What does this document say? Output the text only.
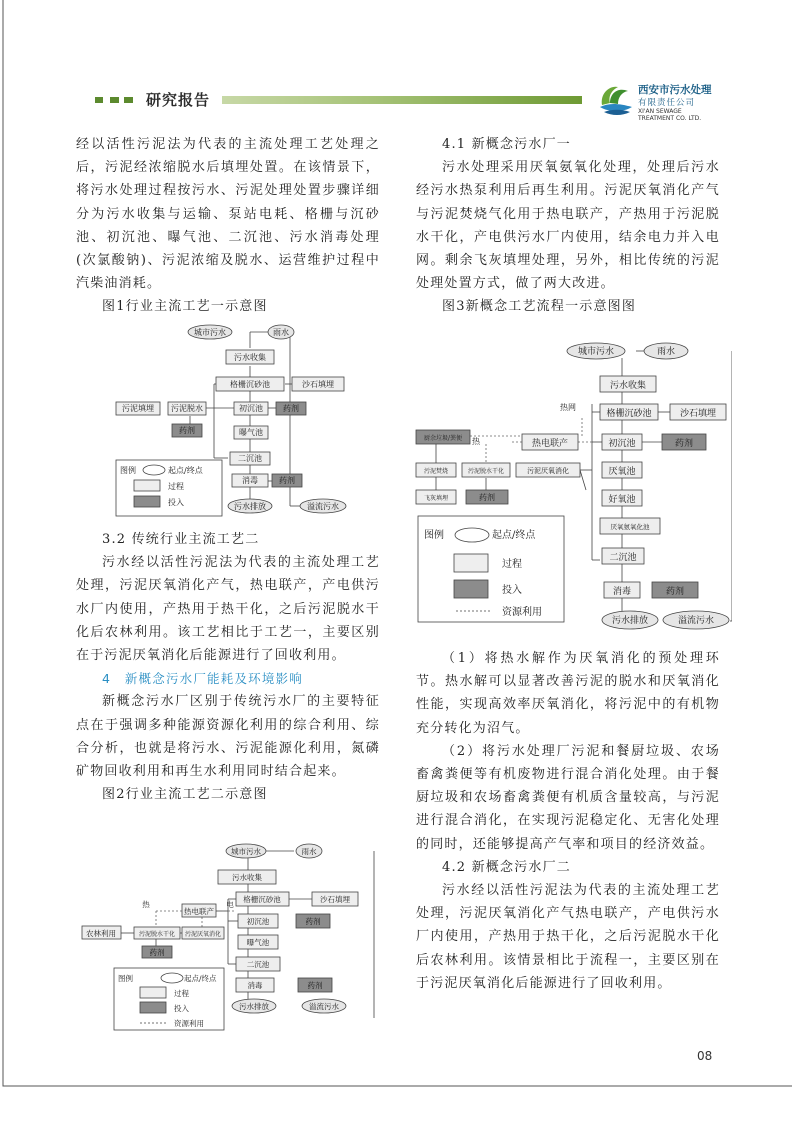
研究报告
西安市污水处理
有限责任公司
XI'AN SEWAGE
TREATMENT CO. LTD.

经以活性污泥法为代表的主流处理工艺处理之后，污泥经浓缩脱水后填埋处置。在该情景下，将污水处理过程按污水、污泥处理处置步骤详细分为污水收集与运输、泵站电耗、格栅与沉砂池、初沉池、曝气池、二沉池、污水消毒处理(次氯酸钠)、污泥浓缩及脱水、运营维护过程中汽柴油消耗。

图1行业主流工艺一示意图

城市污水	雨水
污水收集
格栅沉砂池	沙石填埋
初沉池	药剂
曝气池
二沉池
消毒	药剂
污水排放	溢流污水
污泥填埋 污泥脱水
药剂
图例	起点/终点
过程
投入

3.2 传统行业主流工艺二

污水经以活性污泥法为代表的主流处理工艺处理，污泥厌氧消化产气，热电联产，产电供污水厂内使用，产热用于热干化，之后污泥脱水干化后农林利用。该工艺相比于工艺一，主要区别在于污泥厌氧消化后能源进行了回收利用。

4　新概念污水厂能耗及环境影响

新概念污水厂区别于传统污水厂的主要特征点在于强调多种能源资源化利用的综合利用、综合分析，也就是将污水、污泥能源化利用，氮磷矿物回收利用和再生水利用同时结合起来。

图2行业主流工艺二示意图

城市污水	雨水
污水收集
格栅沉砂池	沙石填埋
初沉池	药剂
曝气池
二沉池
消毒	药剂
污水排放	溢流污水
热电联产
热	电
农林利用	污泥脱水干化 污泥厌氧消化
药剂
图例	起点/终点
过程
投入
资源利用

4.1 新概念污水厂一

污水处理采用厌氧氨氧化处理，处理后污水经污水热泵利用后再生利用。污泥厌氧消化产气与污泥焚烧气化用于热电联产，产热用于污泥脱水干化，产电供污水厂内使用，结余电力并入电网。剩余飞灰填埋处理，另外，相比传统的污泥处理处置方式，做了两大改进。

图3新概念工艺流程一示意图图

城市污水	雨水
污水收集
格栅沉砂池	沙石填埋
初沉池	药剂
厌氧池
好氧池
厌氧氨氧化池
二沉池
消毒	药剂
污水排放	溢流污水
热电联产
热网
热
厨余垃圾/粪便
污泥焚烧	污泥脱水干化	污泥厌氧消化
飞灰填埋	药剂
图例	起点/终点
过程
投入
资源利用

（1）将热水解作为厌氧消化的预处理环节。热水解可以显著改善污泥的脱水和厌氧消化性能，实现高效率厌氧消化，将污泥中的有机物充分转化为沼气。

（2）将污水处理厂污泥和餐厨垃圾、农场畜禽粪便等有机废物进行混合消化处理。由于餐厨垃圾和农场畜禽粪便有机质含量较高，与污泥进行混合消化，在实现污泥稳定化、无害化处理的同时，还能够提高产气率和项目的经济效益。

4.2 新概念污水厂二

污水经以活性污泥法为代表的主流处理工艺处理，污泥厌氧消化产气热电联产，产电供污水厂内使用，产热用于热干化，之后污泥脱水干化后农林利用。该情景相比于流程一，主要区别在于污泥厌氧消化后能源进行了回收利用。

08
